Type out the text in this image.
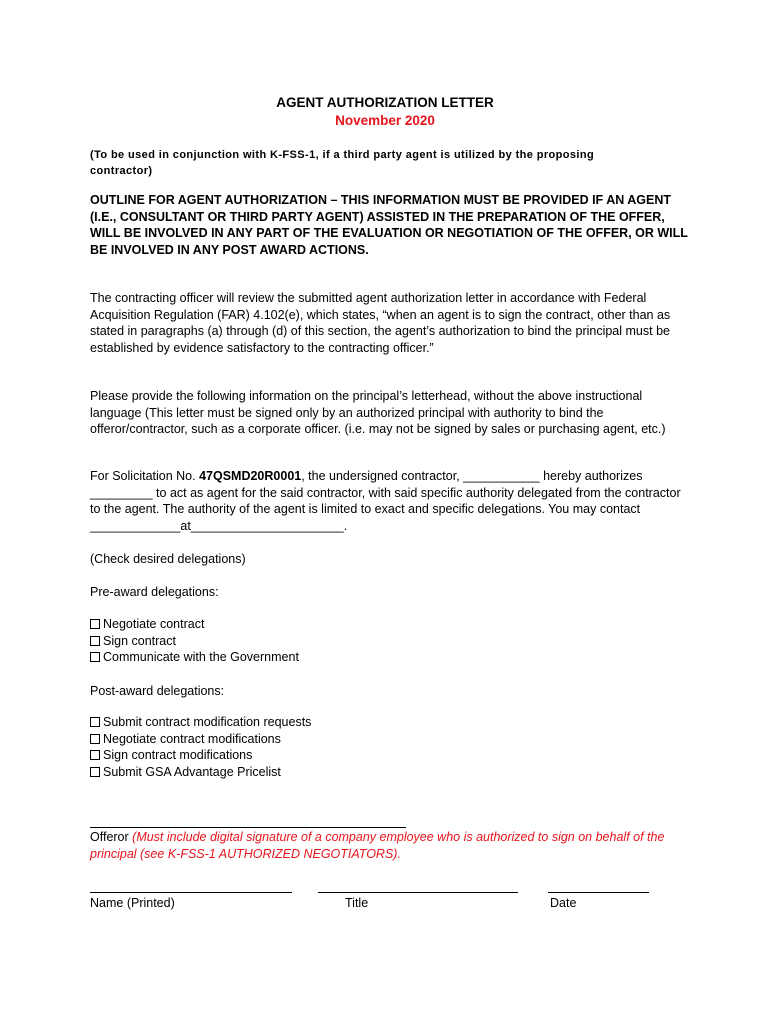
AGENT AUTHORIZATION LETTER
November 2020
(To be used in conjunction with K-FSS-1, if a third party agent is utilized by the proposing contractor)
OUTLINE FOR AGENT AUTHORIZATION – THIS INFORMATION MUST BE PROVIDED IF AN AGENT (I.E., CONSULTANT OR THIRD PARTY AGENT) ASSISTED IN THE PREPARATION OF THE OFFER, WILL BE INVOLVED IN ANY PART OF THE EVALUATION OR NEGOTIATION OF THE OFFER, OR WILL BE INVOLVED IN ANY POST AWARD ACTIONS.
The contracting officer will review the submitted agent authorization letter in accordance with Federal Acquisition Regulation (FAR) 4.102(e), which states, “when an agent is to sign the contract, other than as stated in paragraphs (a) through (d) of this section, the agent’s authorization to bind the principal must be established by evidence satisfactory to the contracting officer.”
Please provide the following information on the principal’s letterhead, without the above instructional language (This letter must be signed only by an authorized principal with authority to bind the offeror/contractor, such as a corporate officer. (i.e. may not be signed by sales or purchasing agent, etc.)
For Solicitation No. 47QSMD20R0001, the undersigned contractor, ___________ hereby authorizes _________ to act as agent for the said contractor, with said specific authority delegated from the contractor to the agent. The authority of the agent is limited to exact and specific delegations. You may contact _____________at______________________.
(Check desired delegations)
Pre-award delegations:
Negotiate contract
Sign contract
Communicate with the Government
Post-award delegations:
Submit contract modification requests
Negotiate contract modifications
Sign contract modifications
Submit GSA Advantage Pricelist
Offeror (Must include digital signature of a company employee who is authorized to sign on behalf of the principal (see K-FSS-1 AUTHORIZED NEGOTIATORS).
Name (Printed)	Title	Date
